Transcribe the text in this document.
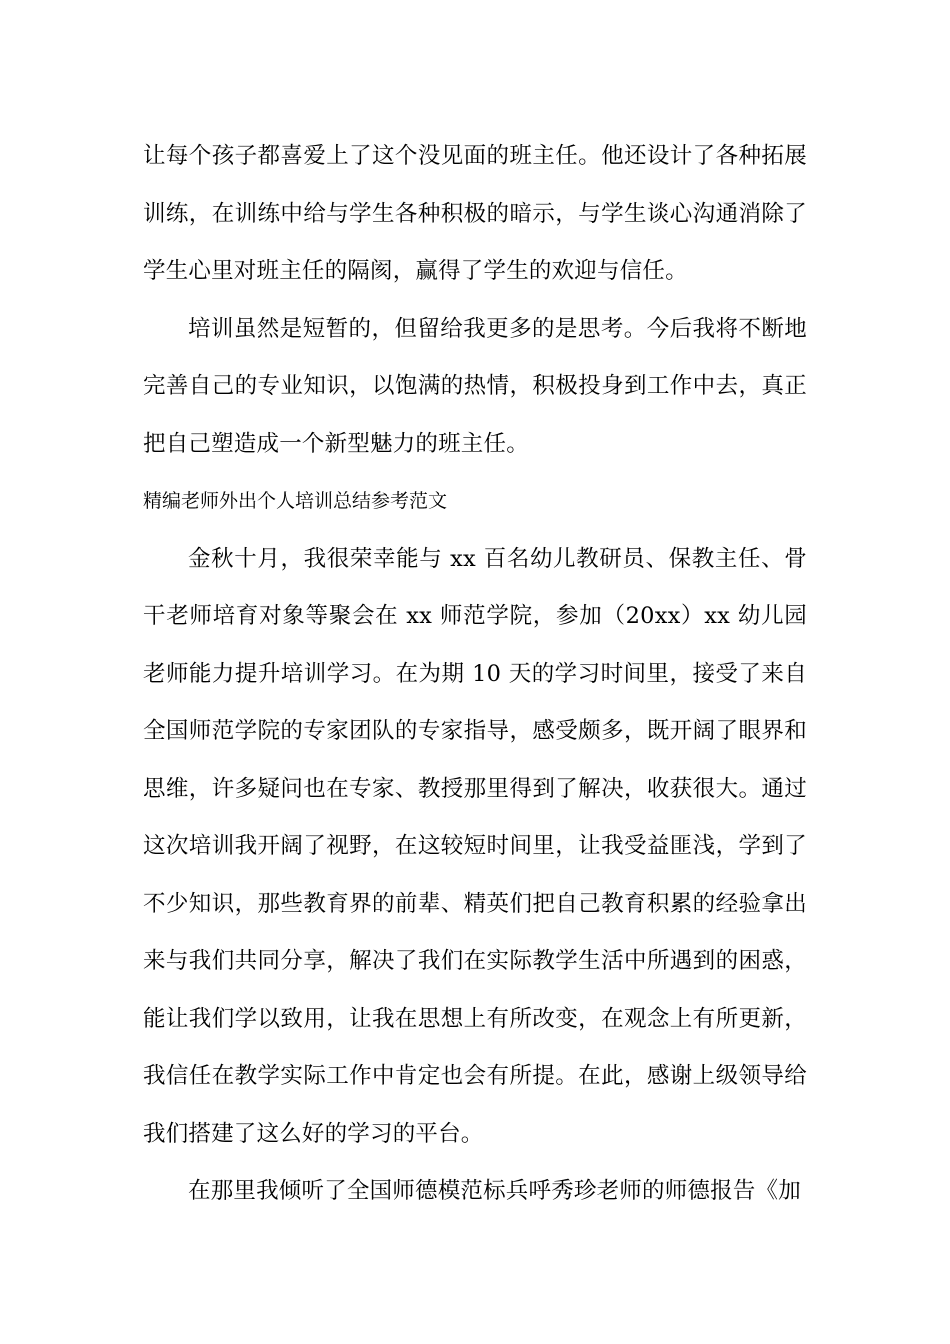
让每个孩子都喜爱上了这个没见面的班主任。他还设计了各种拓展训练，在训练中给与学生各种积极的暗示，与学生谈心沟通消除了学生心里对班主任的隔阂，赢得了学生的欢迎与信任。

培训虽然是短暂的，但留给我更多的是思考。今后我将不断地完善自己的专业知识，以饱满的热情，积极投身到工作中去，真正把自己塑造成一个新型魅力的班主任。

精编老师外出个人培训总结参考范文

金秋十月，我很荣幸能与 xx 百名幼儿教研员、保教主任、骨干老师培育对象等聚会在 xx 师范学院，参加（20xx）xx 幼儿园老师能力提升培训学习。在为期 10 天的学习时间里，接受了来自全国师范学院的专家团队的专家指导，感受颇多，既开阔了眼界和思维，许多疑问也在专家、教授那里得到了解决，收获很大。通过这次培训我开阔了视野，在这较短时间里，让我受益匪浅，学到了不少知识，那些教育界的前辈、精英们把自己教育积累的经验拿出来与我们共同分享，解决了我们在实际教学生活中所遇到的困惑，能让我们学以致用，让我在思想上有所改变，在观念上有所更新，我信任在教学实际工作中肯定也会有所提。在此，感谢上级领导给我们搭建了这么好的学习的平台。

在那里我倾听了全国师德模范标兵呼秀珍老师的师德报告《加
